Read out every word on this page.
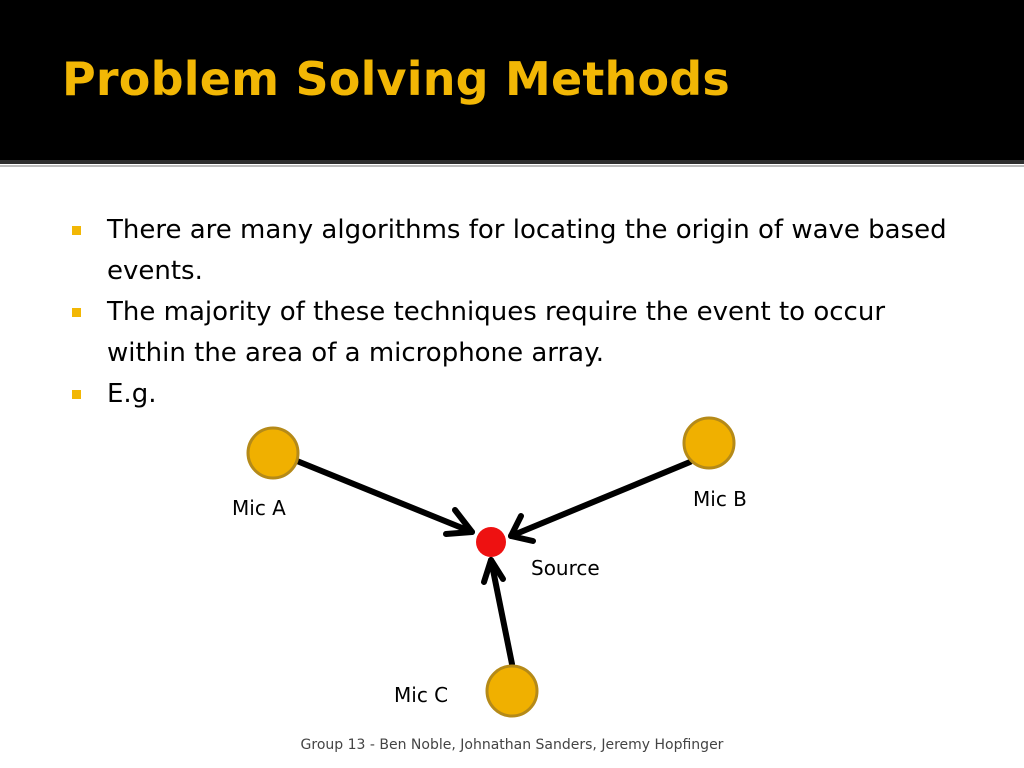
Problem Solving Methods
There are many algorithms for locating the origin of wave based events.
The majority of these techniques require the event to occur within the area of a microphone array.
E.g.
Mic A	Mic B
Mic C
Source
Group 13 - Ben Noble, Johnathan Sanders, Jeremy Hopfinger
